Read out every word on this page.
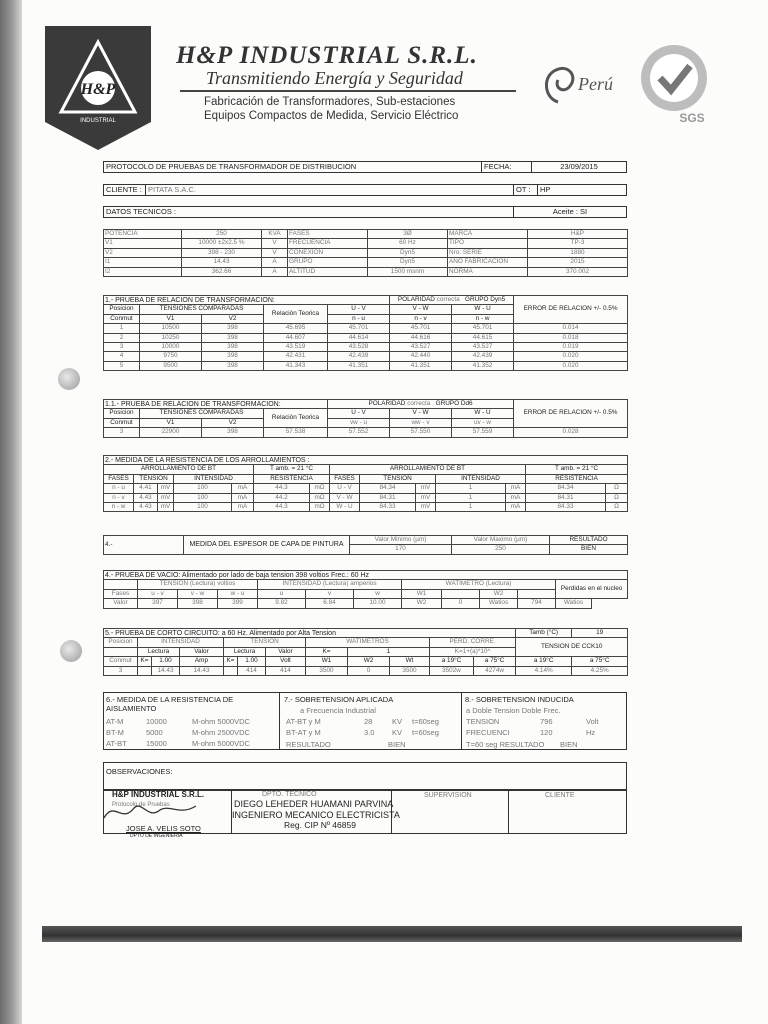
H&P
INDUSTRIAL
H&P INDUSTRIAL S.R.L.
Transmitiendo Energía y Seguridad
Fabricación de Transformadores, Sub-estaciones
Equipos Compactos de Medida, Servicio Eléctrico
Perú
SGS
PROTOCOLO DE PRUEBAS DE TRANSFORMADOR DE DISTRIBUCION	FECHA:	23/09/2015
CLIENTE : PITATA S.A.C.	OT :	HP
DATOS TECNICOS :	Aceite : SI
POTENCIA	250	KVA	FASES	3Ø	MARCA	H&P
V1	10000 ±2x2.5 %	V	FRECUENCIA	60 Hz	TIPO	TP-3
V2	398 - 230	V	CONEXION	Dyn5	Nro. SERIE	1880
I1	14.43	A	GRUPO	Dyn5	AÑO FABRICACION	2015
I2	362.66	A	ALTITUD	1500 msnm	NORMA	370.002
1.- PRUEBA DE RELACION DE TRANSFORMACION:					POLARIDAD correcta GRUPO Dyn5		ERROR DE RELACION +/- 0.5%
Posicion	TENSIONES COMPARADAS		Relación Teorica	U - V	V - W	W - U	
Conmut	V1	V2		n - u	n - v	n - w	
1	10500	398	45.695	45.701	45.701	45.701	0.014
2	10250	398	44.607	44.614	44.616	44.615	0.018
3	10000	398	43.519	43.528	43.527	43.527	0.019
4	9750	398	42.431	42.439	42.440	42.439	0.020
5	9500	398	41.343	41.351	41.351	41.352	0.020
1.1.- PRUEBA DE RELACION DE TRANSFORMACION:				POLARIDAD correcta GRUPO Dd6			ERROR DE RELACION +/- 0.5%
Posicion	TENSIONES COMPARADAS		Relación Teorica	U - V	V - W	W - U	
Conmut	V1	V2		vw - u	ww - v	uv - w	
3	22900	398	57.538	57.552	57.550	57.559	0.028
2.- MEDIDA DE LA RESISTENCIA DE LOS ARROLLAMIENTOS :													
ARROLLAMIENTO DE BT					T amb. = 21 °C		ARROLLAMIENTO DE BT					T amb. = 21 °C	
FASES	TENSION		INTENSIDAD		RESISTENCIA		FASES	TENSION		INTENSIDAD		RESISTENCIA	
n - u	4.41	mV	100	mA	44.3	mΩ	U - V	84.34	mV	1	mA	84.34	Ω
n - v	4.43	mV	100	mA	44.2	mΩ	V - W	84.31	mV	1	mA	84.31	Ω
n - w	4.43	mV	100	mA	44.3	mΩ	W - U	84.33	mV	1	mA	84.33	Ω
4.-	MEDIDA DEL ESPESOR DE CAPA DE PINTURA	Valor Minimo (µm)	Valor Maximo (µm)	RESULTADO
		170	250	BIEN
4.- PRUEBA DE VACIO: Alimentado por lado de baja tension 398 voltios Frec.: 60 Hz												
	TENSION (Lectura) voltios			INTENSIDAD (Lectura) amperios			WATIMETRO (Lectura)				Perdidas en el nucleo	
Fases	u - v	v - w	w - u	u	v	w	W1		W2			
Valor	397	398	399	9.82	6.84	10.00	W2	0	Watios	794	Watios	
5.- PRUEBA DE CORTO CIRCUITO: a 60 Hz. Alimentado por Alta Tension												Tamb (°C)	19
Posicion	INTENSIDAD			TENSION			WATIMETROS			PERD. CORRE.		TENSION DE CCK10	
	Lectura		Valor	Lectura		Valor	K=	1		K=1+(a)*10^			
Conmut	K=	1.00	Amp	K=	1.00	Volt	W1	W2	Wt	a 19°C	a 75°C	a 19°C	a 75°C
3		14.43	14.43		414	414	3500	0	3500	3502w	4274w	4.14%	4.25%
6.- MEDIDA DE LA RESISTENCIA DE AISLAMIENTO
AT-M	10000	M-ohm 5000VDC
BT-M	5000	M-ohm 2500VDC
AT-BT	15000	M-ohm 5000VDC
7.- SOBRETENSION APLICADA
a Frecuencia Industrial
AT-BT y M	28	KV t=60seg
BT-AT y M	3.0 KV t=60seg
RESULTADO	BIEN
8.- SOBRETENSION INDUCIDA
a Doble Tension Doble Frec.
TENSION	796	Volt
FRECUENCI	120	Hz
T=60 seg RESULTADO BIEN
OBSERVACIONES:
H&P INDUSTRIAL S.R.L.
Protocolo de Pruebas
JOSE A. VELIS SOTO
DPTO DE INGENIERIA
DPTO. TECNICO
DIEGO LEHEDER HUAMANI PARVINA
INGENIERO MECANICO ELECTRICISTA
Reg. CIP Nº 46859
SUPERVISION	CLIENTE
